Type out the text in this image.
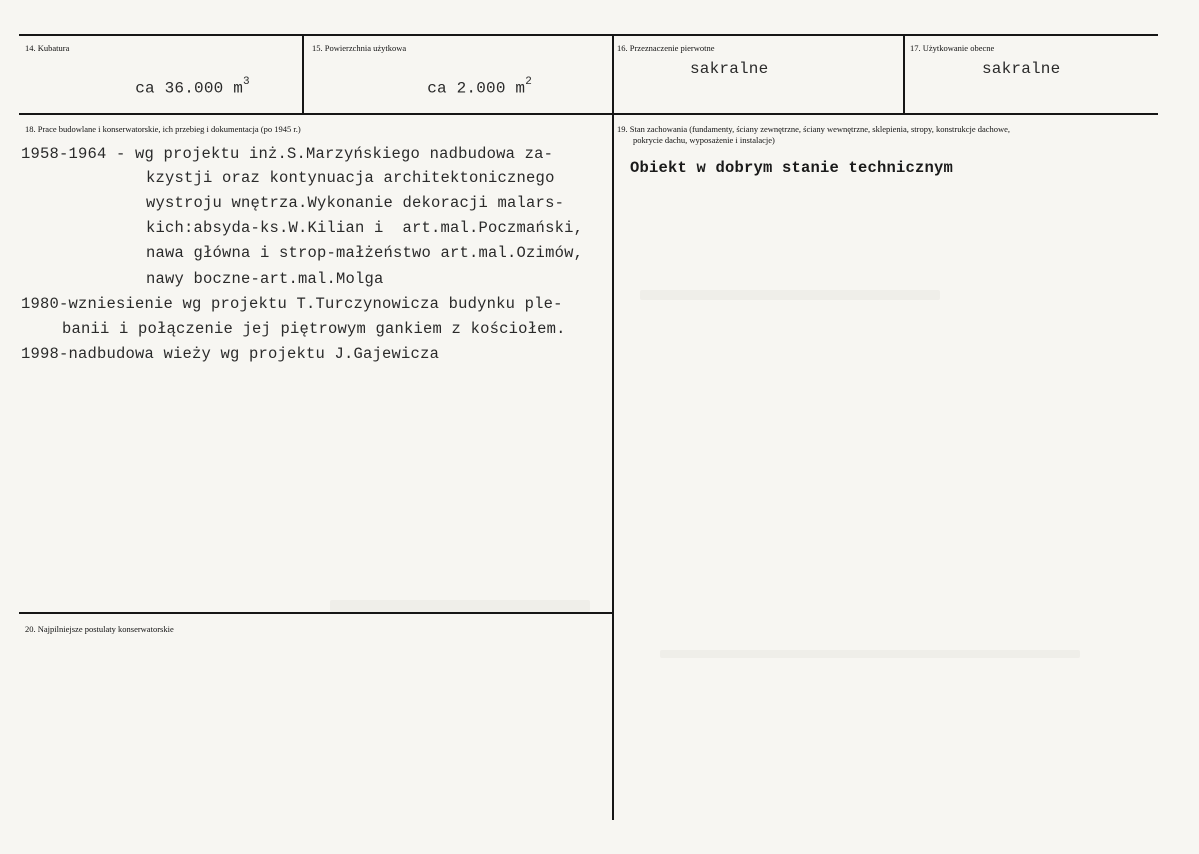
14. Kubatura

ca 36.000 $m^3$

15. Powierzchnia użytkowa

ca 2.000 $m^2$

16. Przeznaczenie pierwotne
sakralne
17. Użytkowanie obecne
sakralne
18. Prace budowlane i konserwatorskie, ich przebieg i dokumentacja (po 1945 r.)
1958-1964 - wg projektu inż.S.Marzyńskiego nadbudowa za-
kzystji oraz kontynuacja architektonicznego
wystroju wnętrza.Wykonanie dekoracji malars-
kich:absyda-ks.W.Kilian i  art.mal.Poczmański,
nawa główna i strop-małżeństwo art.mal.Ozimów,
nawy boczne-art.mal.Molga
1980-wzniesienie wg projektu T.Turczynowicza budynku ple-
banii i połączenie jej piętrowym gankiem z kościołem.
1998-nadbudowa wieży wg projektu J.Gajewicza
19. Stan zachowania (fundamenty, ściany zewnętrzne, ściany wewnętrzne, sklepienia, stropy, konstrukcje dachowe,
pokrycie dachu, wyposażenie i instalacje)
Obiekt w dobrym stanie technicznym
20. Najpilniejsze postulaty konserwatorskie
